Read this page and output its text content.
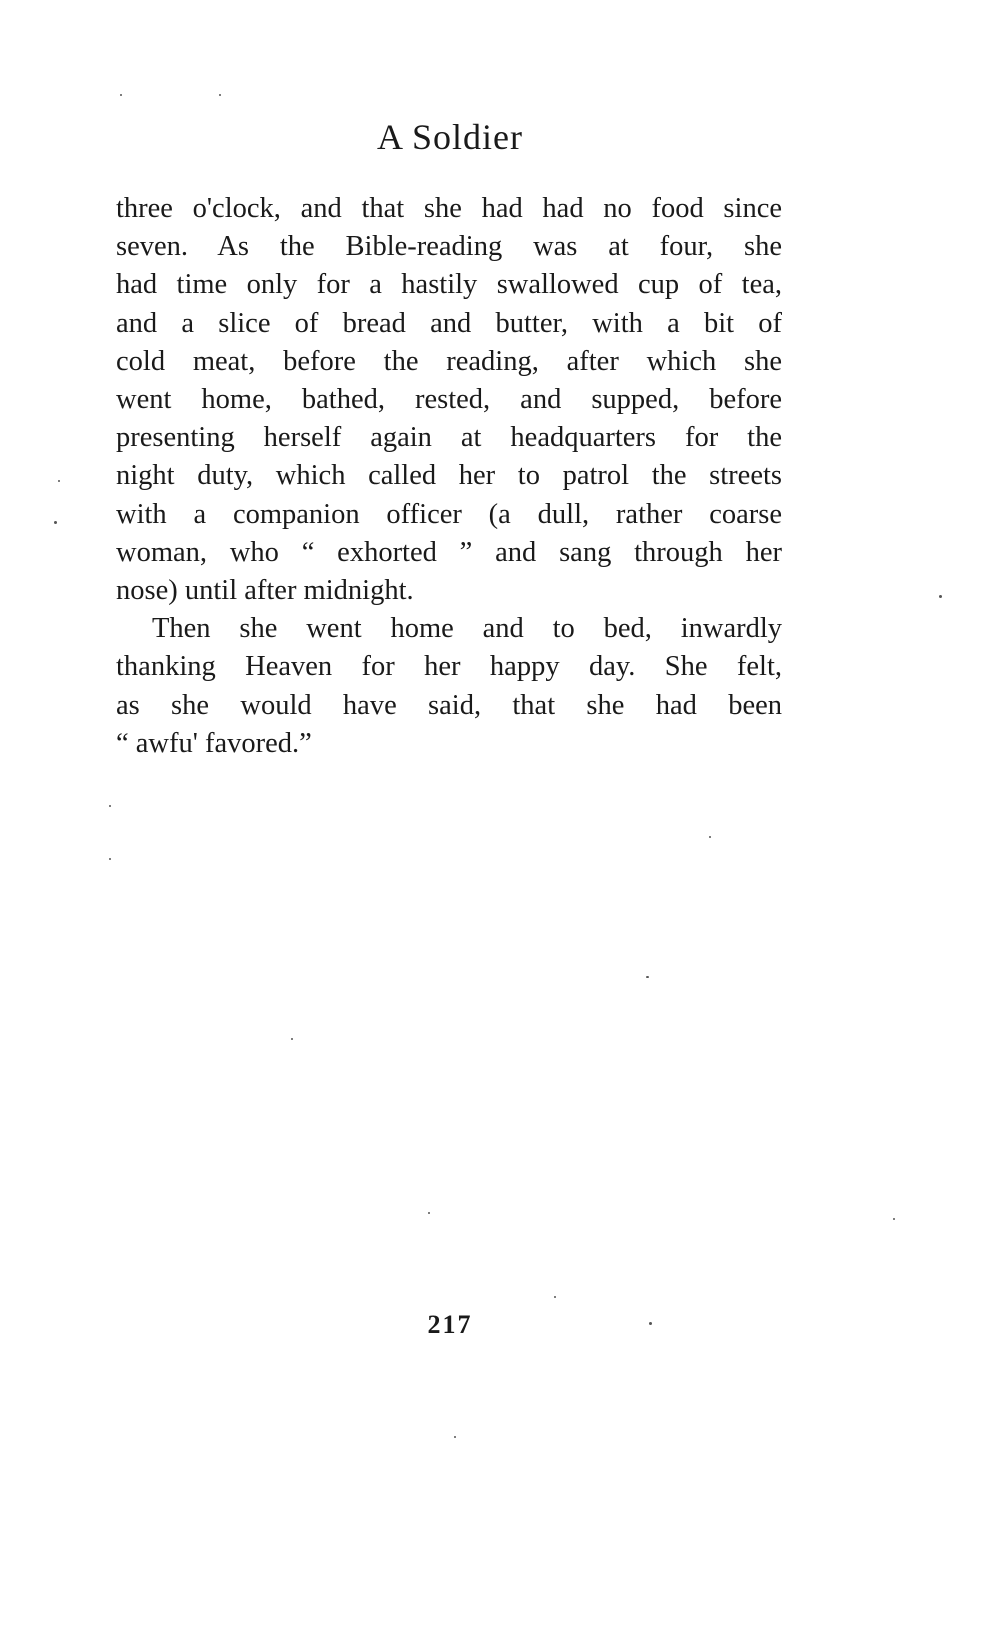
A Soldier
three o'clock, and that she had had no food since
seven. As the Bible-reading was at four, she
had time only for a hastily swallowed cup of tea,
and a slice of bread and butter, with a bit of
cold meat, before the reading, after which she
went home, bathed, rested, and supped, before
presenting herself again at headquarters for the
night duty, which called her to patrol the streets
with a companion officer (a dull, rather coarse
woman, who “ exhorted ” and sang through her
nose) until after midnight.
Then she went home and to bed, inwardly
thanking Heaven for her happy day. She felt,
as she would have said, that she had been
“ awfu' favored.”
217
